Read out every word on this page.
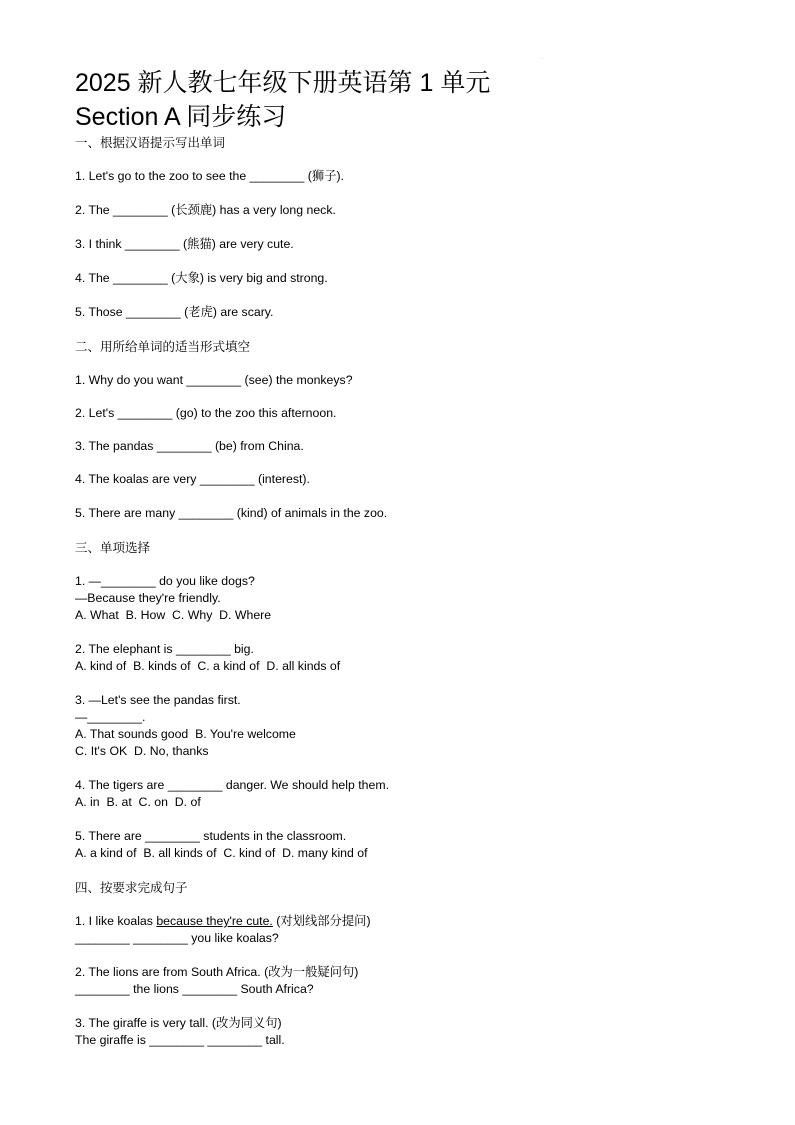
·
2025 新人教七年级下册英语第 1 单元
Section A 同步练习

一、根据汉语提示写出单词

1. Let's go to the zoo to see the ________ (狮子).

2. The ________ (长颈鹿) has a very long neck.

3. I think ________ (熊猫) are very cute.

4. The ________ (大象) is very big and strong.

5. Those ________ (老虎) are scary.

二、用所给单词的适当形式填空

1. Why do you want ________ (see) the monkeys?

2. Let's ________ (go) to the zoo this afternoon.

3. The pandas ________ (be) from China.

4. The koalas are very ________ (interest).

5. There are many ________ (kind) of animals in the zoo.

三、单项选择

1. —________ do you like dogs?

—Because they're friendly.

A. What  B. How  C. Why  D. Where

2. The elephant is ________ big.

A. kind of  B. kinds of  C. a kind of  D. all kinds of

3. —Let's see the pandas first.

—________.

A. That sounds good  B. You're welcome

C. It's OK  D. No, thanks

4. The tigers are ________ danger. We should help them.

A. in  B. at  C. on  D. of

5. There are ________ students in the classroom.

A. a kind of  B. all kinds of  C. kind of  D. many kind of

四、按要求完成句子

1. I like koalas because they're cute. (对划线部分提问)

________ ________ you like koalas?

2. The lions are from South Africa. (改为一般疑问句)

________ the lions ________ South Africa?

3. The giraffe is very tall. (改为同义句)

The giraffe is ________ ________ tall.
